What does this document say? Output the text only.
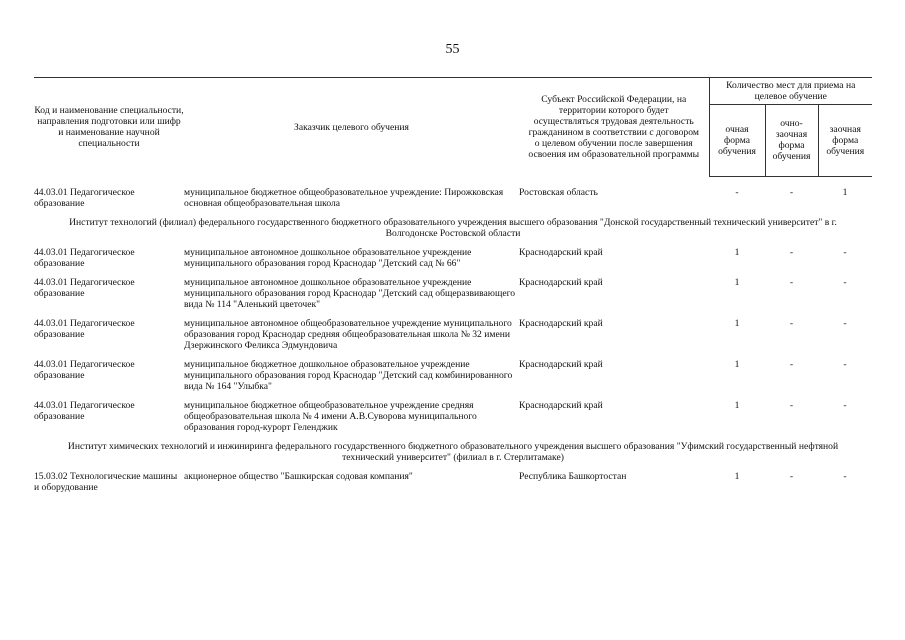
55
Код и наименование специальности, направления подготовки или шифр и наименование научной специальности	Заказчик целевого обучения	Субъект Российской Федерации, на территории которого будет осуществляться трудовая деятельность гражданином в соответствии с договором о целевом обучении после завершения освоения им образовательной программы	Количество мест для приема на целевое обучение		
			очная форма обучения	очно-заочная форма обучения	заочная форма обучения

44.03.01 Педагогическое образование	муниципальное бюджетное общеобразовательное учреждение: Пирожковская основная общеобразовательная школа	Ростовская область	-	-	1
Институт технологий (филиал) федерального государственного бюджетного образовательного учреждения высшего образования "Донской государственный технический университет" в г. Волгодонске Ростовской области					
44.03.01 Педагогическое образование	муниципальное автономное дошкольное образовательное учреждение муниципального образования город Краснодар "Детский сад № 66"	Краснодарский край	1	-	-
44.03.01 Педагогическое образование	муниципальное автономное дошкольное образовательное учреждение муниципального образования город Краснодар "Детский сад общеразвивающего вида № 114 "Аленький цветочек"	Краснодарский край	1	-	-
44.03.01 Педагогическое образование	муниципальное автономное общеобразовательное учреждение муниципального образования город Краснодар средняя общеобразовательная школа № 32 имени Дзержинского Феликса Эдмундовича	Краснодарский край	1	-	-
44.03.01 Педагогическое образование	муниципальное бюджетное дошкольное образовательное учреждение муниципального образования город Краснодар "Детский сад комбинированного вида № 164 "Улыбка"	Краснодарский край	1	-	-
44.03.01 Педагогическое образование	муниципальное бюджетное общеобразовательное учреждение средняя общеобразовательная школа № 4 имени А.В.Суворова муниципального образования город-курорт Геленджик	Краснодарский край	1	-	-
Институт химических технологий и инжиниринга федерального государственного бюджетного образовательного учреждения высшего образования "Уфимский государственный нефтяной технический университет" (филиал в г. Стерлитамаке)					
15.03.02 Технологические машины и оборудование	акционерное общество "Башкирская содовая компания"	Республика Башкортостан	1	-	-
